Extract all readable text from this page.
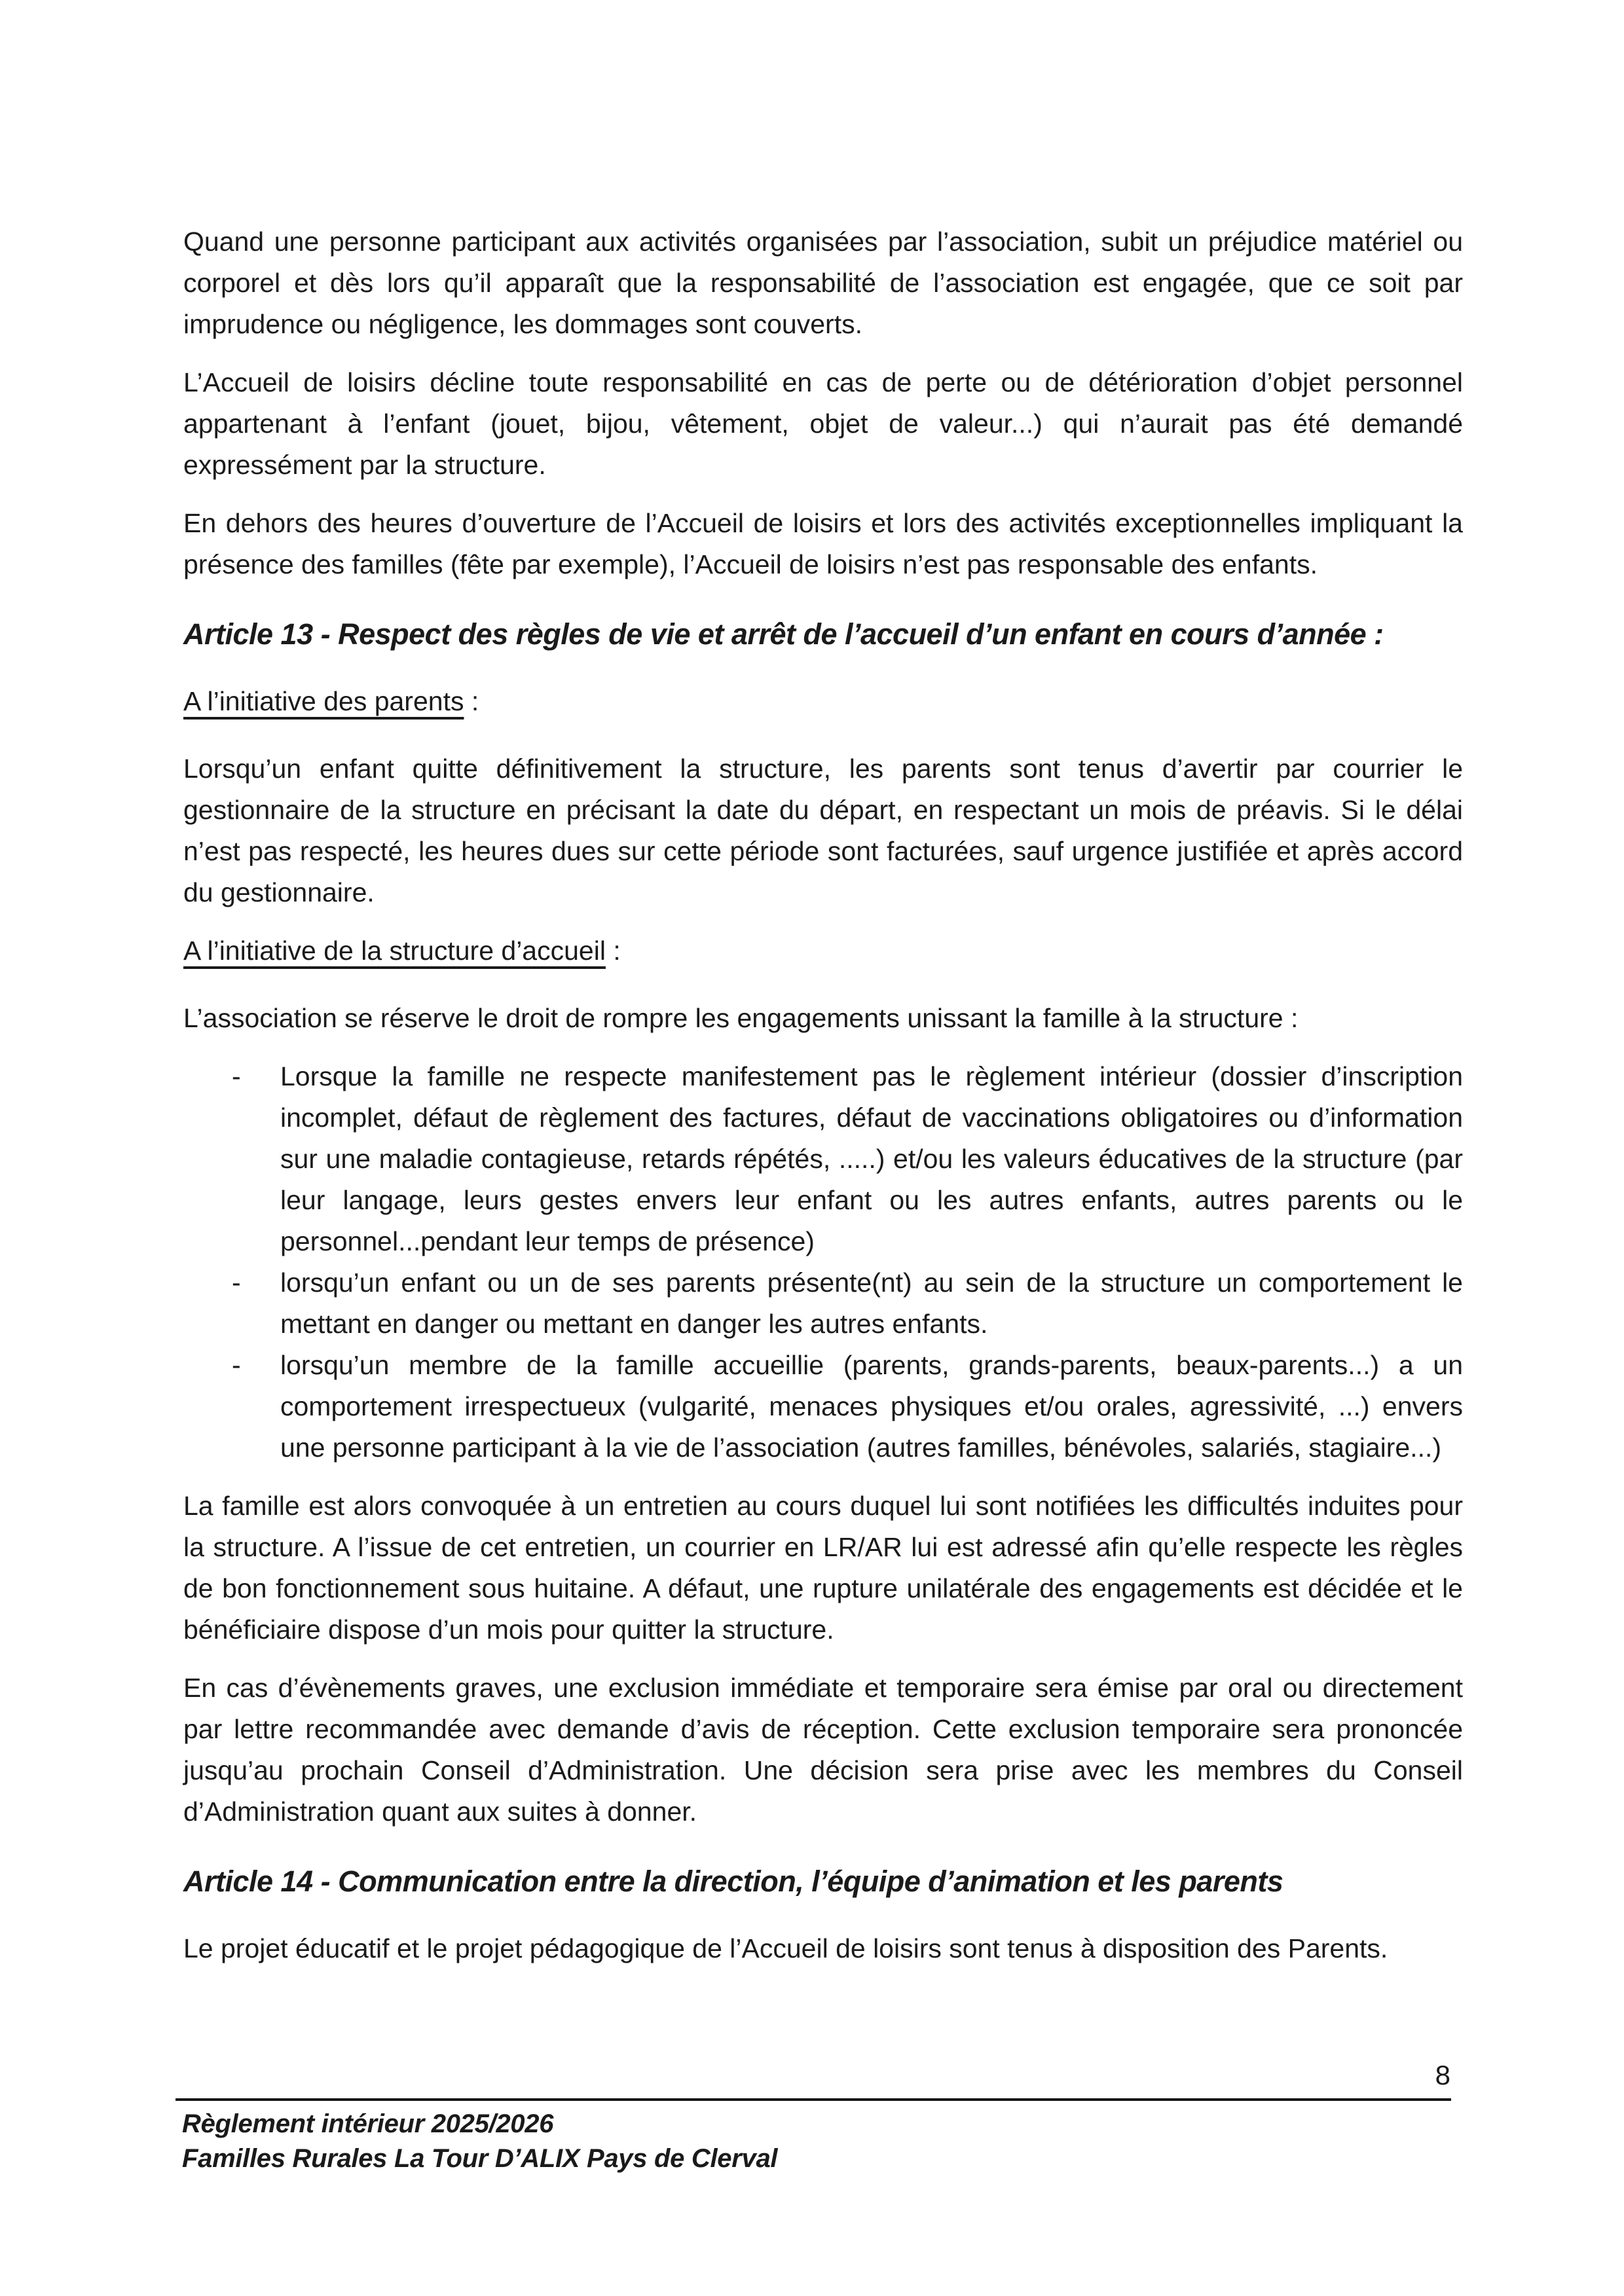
Quand une personne participant aux activités organisées par l’association, subit un préjudice matériel ou corporel et dès lors qu’il apparaît que la responsabilité de l’association est engagée, que ce soit par imprudence ou négligence, les dommages sont couverts.

L’Accueil de loisirs décline toute responsabilité en cas de perte ou de détérioration d’objet personnel appartenant à l’enfant (jouet, bijou, vêtement, objet de valeur...) qui n’aurait pas été demandé expressément par la structure.

En dehors des heures d’ouverture de l’Accueil de loisirs et lors des activités exceptionnelles impliquant la présence des familles (fête par exemple), l’Accueil de loisirs n’est pas responsable des enfants.

Article 13 - Respect des règles de vie et arrêt de l’accueil d’un enfant en cours d’année :

A l’initiative des parents :

Lorsqu’un enfant quitte définitivement la structure, les parents sont tenus d’avertir par courrier le gestionnaire de la structure en précisant la date du départ, en respectant un mois de préavis. Si le délai n’est pas respecté, les heures dues sur cette période sont facturées, sauf urgence justifiée et après accord du gestionnaire.

A l’initiative de la structure d’accueil :

L’association se réserve le droit de rompre les engagements unissant la famille à la structure :

- Lorsque la famille ne respecte manifestement pas le règlement intérieur (dossier d’inscription incomplet, défaut de règlement des factures, défaut de vaccinations obligatoires ou d’information sur une maladie contagieuse, retards répétés, .....) et/ou les valeurs éducatives de la structure (par leur langage, leurs gestes envers leur enfant ou les autres enfants, autres parents ou le personnel...pendant leur temps de présence)
- lorsqu’un enfant ou un de ses parents présente(nt) au sein de la structure un comportement le mettant en danger ou mettant en danger les autres enfants.
- lorsqu’un membre de la famille accueillie (parents, grands-parents, beaux-parents...) a un comportement irrespectueux (vulgarité, menaces physiques et/ou orales, agressivité, ...) envers une personne participant à la vie de l’association (autres familles, bénévoles, salariés, stagiaire...)

La famille est alors convoquée à un entretien au cours duquel lui sont notifiées les difficultés induites pour la structure. A l’issue de cet entretien, un courrier en LR/AR lui est adressé afin qu’elle respecte les règles de bon fonctionnement sous huitaine. A défaut, une rupture unilatérale des engagements est décidée et le bénéficiaire dispose d’un mois pour quitter la structure.

En cas d’évènements graves, une exclusion immédiate et temporaire sera émise par oral ou directement par lettre recommandée avec demande d’avis de réception. Cette exclusion temporaire sera prononcée jusqu’au prochain Conseil d’Administration. Une décision sera prise avec les membres du Conseil d’Administration quant aux suites à donner.

Article 14 - Communication entre la direction, l’équipe d’animation et les parents

Le projet éducatif et le projet pédagogique de l’Accueil de loisirs sont tenus à disposition des Parents.

8
Règlement intérieur 2025/2026
Familles Rurales La Tour D’ALIX Pays de Clerval
